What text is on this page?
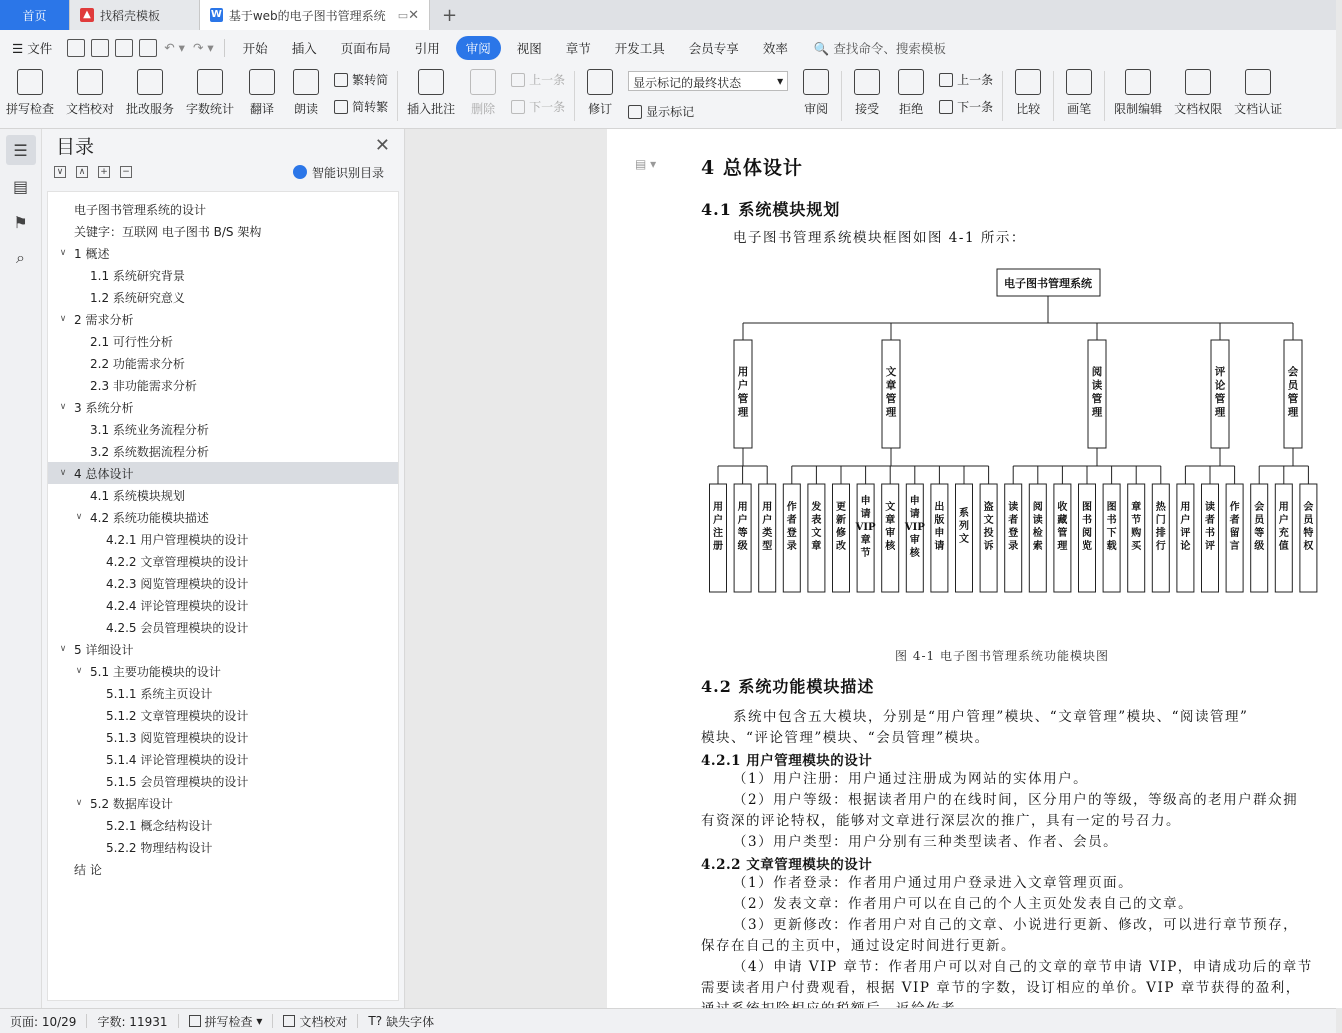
首页	▲ 找稻壳模板	W 基于web的电子图书管理系统 ▭ ✕ +
☰ 文件	↶ ▾ ↷ ▾	开始	插入	页面布局	引用	审阅	视图	章节	开发工具	会员专享	效率	🔍 查找命令、搜索模板
拼写检查 文档校对 批改服务 字数统计 翻译 朗读
繁转简
简转繁 插入批注 删除
上一条
下一条 修订
显示标记的最终状态	▾
显示标记	审阅 接受 拒绝
上一条
下一条 比较 画笔 限制编辑 文档权限 文档认证
☰
▤
⚑
⌕
目录	✕
∨	∧	+ −	智能识别目录
电子图书管理系统的设计
关键字：互联网 电子图书 B/S 架构
∨ 1 概述
1.1 系统研究背景
1.2 系统研究意义
∨ 2 需求分析
2.1 可行性分析
2.2 功能需求分析
2.3 非功能需求分析
∨ 3 系统分析
3.1 系统业务流程分析
3.2 系统数据流程分析
∨ 4 总体设计
4.1 系统模块规划
∨ 4.2 系统功能模块描述
4.2.1 用户管理模块的设计
4.2.2 文章管理模块的设计
4.2.3 阅览管理模块的设计
4.2.4 评论管理模块的设计
4.2.5 会员管理模块的设计
∨ 5 详细设计
∨ 5.1 主要功能模块的设计
5.1.1 系统主页设计
5.1.2 文章管理模块的设计
5.1.3 阅览管理模块的设计
5.1.4 评论管理模块的设计
5.1.5 会员管理模块的设计
∨ 5.2 数据库设计
5.2.1 概念结构设计
5.2.2 物理结构设计
结 论
▤ ▾ 4 总体设计
4.1 系统模块规划
电子图书管理系统模块框图如图 4-1 所示：
电子图书管理系统
用户管理
用户注册
用户等级
用户类型
文章管理
作者登录
发表文章
更新修改
申请 VIP 章节
文章审核
申请 VIP 审核
出版申请
系列文
盗文投诉
阅读管理
读者登录
阅读检索
收藏管理
图书阅览
图书下载
章节购买
热门排行
评论管理
用户评论
读者书评
作者留言
会员管理
会员等级
用户充值
会员特权
图 4-1 电子图书管理系统功能模块图
4.2 系统功能模块描述
系统中包含五大模块，分别是“用户管理”模块、“文章管理”模块、“阅读管理”
模块、“评论管理”模块、“会员管理”模块。
4.2.1 用户管理模块的设计
（1）用户注册：用户通过注册成为网站的实体用户。
（2）用户等级：根据读者用户的在线时间，区分用户的等级，等级高的老用户群众拥
有资深的评论特权，能够对文章进行深层次的推广，具有一定的号召力。
（3）用户类型：用户分别有三种类型读者、作者、会员。
4.2.2 文章管理模块的设计
（1）作者登录：作者用户通过用户登录进入文章管理页面。
（2）发表文章：作者用户可以在自己的个人主页处发表自己的文章。
（3）更新修改：作者用户对自己的文章、小说进行更新、修改，可以进行章节预存，
保存在自己的主页中，通过设定时间进行更新。
（4）申请 VIP 章节：作者用户可以对自己的文章的章节申请 VIP，申请成功后的章节
需要读者用户付费观看，根据 VIP 章节的字数，设订相应的单价。VIP 章节获得的盈利，
页面: 10/29	字数: 11931	拼写检查 ▾	文档校对 T? 缺失字体
